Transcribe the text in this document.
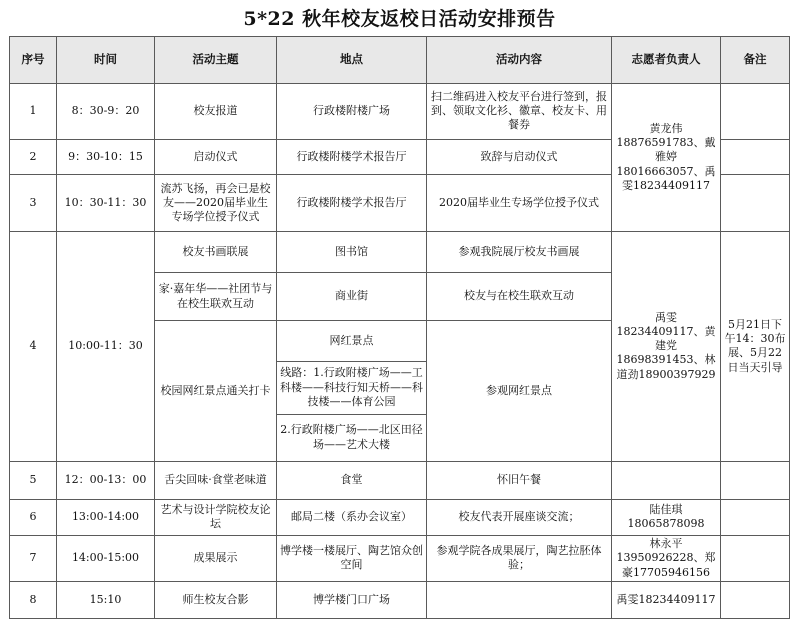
5*22 秋年校友返校日活动安排预告
序号	时间	活动主题	地点	活动内容	志愿者负责人	备注
1	8：30-9：20	校友报道	行政楼附楼广场	扫二维码进入校友平台进行签到，报到、领取文化衫、徽章、校友卡、用餐券	黄龙伟18876591783、戴雅婷18016663057、禹雯18234409117	
2	9：30-10：15	启动仪式	行政楼附楼学术报告厅	致辞与启动仪式		
3	10：30-11：30	流苏飞扬，再会已是校友——2020届毕业生专场学位授予仪式	行政楼附楼学术报告厅	2020届毕业生专场学位授予仪式		
4	10:00-11：30	校友书画联展	图书馆	参观我院展厅校友书画展	禹雯18234409117、黄建党18698391453、林道劲18900397929	5月21日下午14：30布展、5月22日当天引导
		家·嘉年华——社团节与在校生联欢互动	商业街	校友与在校生联欢互动		
		校园网红景点通关打卡	网红景点	参观网红景点		
			线路：1.行政附楼广场——工科楼——科技行知天桥——科技楼——体育公园			
			2.行政附楼广场——北区田径场——艺术大楼			
5	12：00-13：00	舌尖回味·食堂老味道	食堂	怀旧午餐		
6	13:00-14:00	艺术与设计学院校友论坛	邮局二楼（系办会议室）	校友代表开展座谈交流；	陆佳琪18065878098	
7	14:00-15:00	成果展示	博学楼一楼展厅、陶艺馆众创空间	参观学院各成果展厅，陶艺拉胚体验；	林永平13950926228、郑豪17705946156	
8	15:10	师生校友合影	博学楼门口广场		禹雯18234409117	
